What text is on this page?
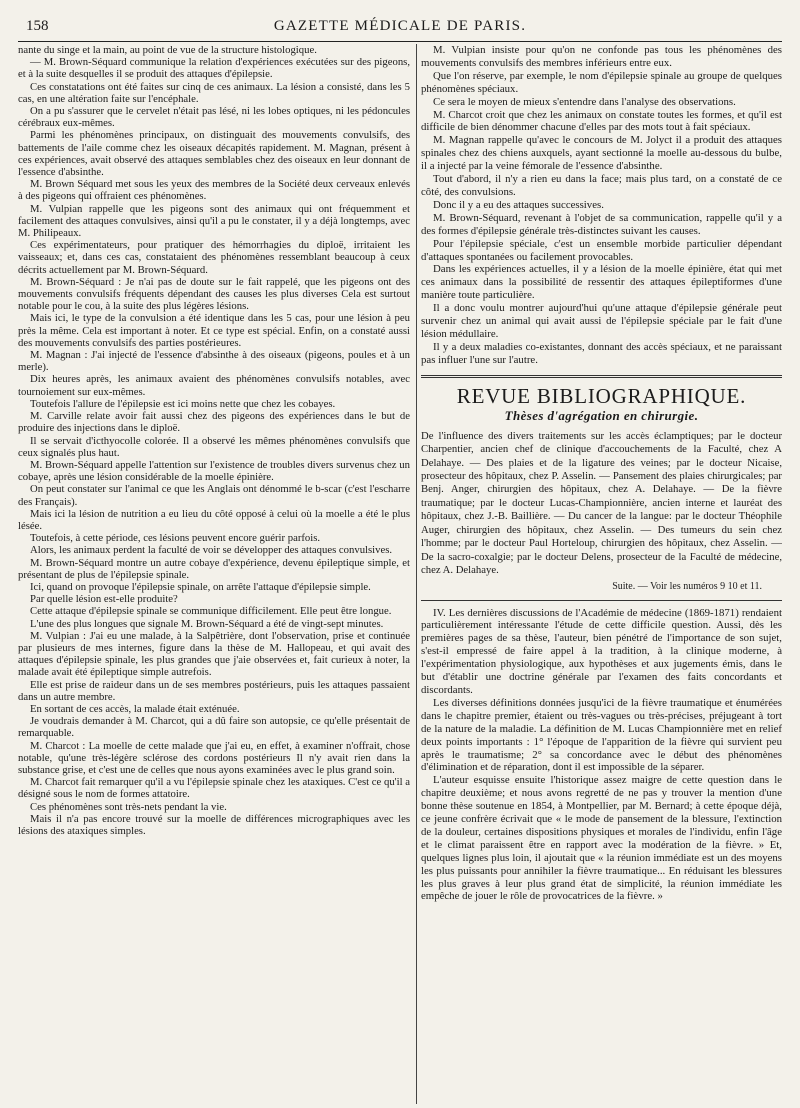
158	GAZETTE MÉDICALE DE PARIS.

nante du singe et la main, au point de vue de la structure histologique.

— M. Brown-Séquard communique la relation d'expériences exécutées sur des pigeons, et à la suite desquelles il se produit des attaques d'épilepsie.

Ces constatations ont été faites sur cinq de ces animaux. La lésion a consisté, dans les 5 cas, en une altération faite sur l'encéphale.

On a pu s'assurer que le cervelet n'était pas lésé, ni les lobes optiques, ni les pédoncules cérébraux eux-mêmes.

Parmi les phénomènes principaux, on distinguait des mouvements convulsifs, des battements de l'aile comme chez les oiseaux décapités rapidement. M. Magnan, présent à ces expériences, avait observé des attaques semblables chez des oiseaux en leur donnant de l'essence d'absinthe.

M. Brown Séquard met sous les yeux des membres de la Société deux cerveaux enlevés à des pigeons qui offraient ces phénomènes.

M. Vulpian rappelle que les pigeons sont des animaux qui ont fréquemment et facilement des attaques convulsives, ainsi qu'il a pu le constater, il y a déjà longtemps, avec M. Philipeaux.

Ces expérimentateurs, pour pratiquer des hémorrhagies du diploë, irritaient les vaisseaux; et, dans ces cas, constataient des phénomènes ressemblant beaucoup à ceux décrits actuellement par M. Brown-Séquard.

M. Brown-Séquard : Je n'ai pas de doute sur le fait rappelé, que les pigeons ont des mouvements convulsifs fréquents dépendant des causes les plus diverses Cela est surtout notable pour le cou, à la suite des plus légères lésions.

Mais ici, le type de la convulsion a été identique dans les 5 cas, pour une lésion à peu près la même. Cela est important à noter. Et ce type est spécial. Enfin, on a constaté aussi des mouvements convulsifs des parties postérieures.

M. Magnan : J'ai injecté de l'essence d'absinthe à des oiseaux (pigeons, poules et à un merle).

Dix heures après, les animaux avaient des phénomènes convulsifs notables, avec tournoiement sur eux-mêmes.

Toutefois l'allure de l'épilepsie est ici moins nette que chez les cobayes.

M. Carville relate avoir fait aussi chez des pigeons des expériences dans le but de produire des injections dans le diploë.

Il se servait d'icthyocolle colorée. Il a observé les mêmes phénomènes convulsifs que ceux signalés plus haut.

M. Brown-Séquard appelle l'attention sur l'existence de troubles divers survenus chez un cobaye, après une lésion considérable de la moelle épinière.

On peut constater sur l'animal ce que les Anglais ont dénommé le b-scar (c'est l'escharre des Français).

Mais ici la lésion de nutrition a eu lieu du côté opposé à celui où la moelle a été le plus lésée.

Toutefois, à cette période, ces lésions peuvent encore guérir parfois.

Alors, les animaux perdent la faculté de voir se développer des attaques convulsives.

M. Brown-Séquard montre un autre cobaye d'expérience, devenu épileptique simple, et présentant de plus de l'épilepsie spinale.

Ici, quand on provoque l'épilepsie spinale, on arrête l'attaque d'épilepsie simple.

Par quelle lésion est-elle produite?

Cette attaque d'épilepsie spinale se communique difficilement. Elle peut être longue.

L'une des plus longues que signale M. Brown-Séquard a été de vingt-sept minutes.

M. Vulpian : J'ai eu une malade, à la Salpêtrière, dont l'observation, prise et continuée par plusieurs de mes internes, figure dans la thèse de M. Hallopeau, et qui avait des attaques d'épilepsie spinale, les plus grandes que j'aie observées et, fait curieux à noter, la malade avait été épileptique simple autrefois.

Elle est prise de raideur dans un de ses membres postérieurs, puis les attaques passaient dans un autre membre.

En sortant de ces accès, la malade était exténuée.

Je voudrais demander à M. Charcot, qui a dû faire son autopsie, ce qu'elle présentait de remarquable.

M. Charcot : La moelle de cette malade que j'ai eu, en effet, à examiner n'offrait, chose notable, qu'une très-légère sclérose des cordons postérieurs Il n'y avait rien dans la substance grise, et c'est une de celles que nous ayons examinées avec le plus grand soin.

M. Charcot fait remarquer qu'il a vu l'épilepsie spinale chez les ataxiques. C'est ce qu'il a désigné sous le nom de formes attatoire.

Ces phénomènes sont très-nets pendant la vie.

Mais il n'a pas encore trouvé sur la moelle de différences micrographiques avec les lésions des ataxiques simples.

M. Vulpian insiste pour qu'on ne confonde pas tous les phénomènes des mouvements convulsifs des membres inférieurs entre eux.

Que l'on réserve, par exemple, le nom d'épilepsie spinale au groupe de quelques phénomènes spéciaux.

Ce sera le moyen de mieux s'entendre dans l'analyse des observations.

M. Charcot croit que chez les animaux on constate toutes les formes, et qu'il est difficile de bien dénommer chacune d'elles par des mots tout à fait spéciaux.

M. Magnan rappelle qu'avec le concours de M. Jolyct il a produit des attaques spinales chez des chiens auxquels, ayant sectionné la moelle au-dessous du bulbe, il a injecté par la veine fémorale de l'essence d'absinthe.

Tout d'abord, il n'y a rien eu dans la face; mais plus tard, on a constaté de ce côté, des convulsions.

Donc il y a eu des attaques successives.

M. Brown-Séquard, revenant à l'objet de sa communication, rappelle qu'il y a des formes d'épilepsie générale très-distinctes suivant les causes.

Pour l'épilepsie spéciale, c'est un ensemble morbide particulier dépendant d'attaques spontanées ou facilement provocables.

Dans les expériences actuelles, il y a lésion de la moelle épinière, état qui met ces animaux dans la possibilité de ressentir des attaques épileptiformes d'une manière toute particulière.

Il a donc voulu montrer aujourd'hui qu'une attaque d'épilepsie générale peut survenir chez un animal qui avait aussi de l'épilepsie spéciale par le fait d'une lésion médullaire.

Il y a deux maladies co-existantes, donnant des accès spéciaux, et ne paraissant pas influer l'une sur l'autre.

REVUE BIBLIOGRAPHIQUE.
Thèses d'agrégation en chirurgie.

De l'influence des divers traitements sur les accès éclamptiques; par le docteur Charpentier, ancien chef de clinique d'accouchements de la Faculté, chez A Delahaye. — Des plaies et de la ligature des veines; par le docteur Nicaise, prosecteur des hôpitaux, chez P. Asselin. — Pansement des plaies chirurgicales; par Benj. Anger, chirurgien des hôpitaux, chez A. Delahaye. — De la fièvre traumatique; par le docteur Lucas-Championnière, ancien interne et lauréat des hôpitaux, chez J.-B. Baillière. — Du cancer de la langue: par le docteur Théophile Auger, chirurgien des hôpitaux, chez Asselin. — Des tumeurs du sein chez l'homme; par le docteur Paul Horteloup, chirurgien des hôpitaux, chez Asselin. — De la sacro-coxalgie; par le docteur Delens, prosecteur de la Faculté de médecine, chez A. Delahaye.

Suite. — Voir les numéros 9 10 et 11.

IV. Les dernières discussions de l'Académie de médecine (1869-1871) rendaient particulièrement intéressante l'étude de cette difficile question. Aussi, dès les premières pages de sa thèse, l'auteur, bien pénétré de l'importance de son sujet, s'est-il empressé de faire appel à la tradition, à la clinique moderne, à l'expérimentation physiologique, aux hypothèses et aux jugements émis, dans le but d'établir une doctrine générale par l'examen des faits concordants et discordants.

Les diverses définitions données jusqu'ici de la fièvre traumatique et énumérées dans le chapitre premier, étaient ou très-vagues ou très-précises, préjugeant à tort de la nature de la maladie. La définition de M. Lucas Championnière met en relief deux points importants : 1° l'époque de l'apparition de la fièvre qui survient peu après le traumatisme; 2° sa concordance avec le début des phénomènes d'élimination et de réparation, dont il est impossible de la séparer.

L'auteur esquisse ensuite l'historique assez maigre de cette question dans le chapitre deuxième; et nous avons regretté de ne pas y trouver la mention d'une bonne thèse soutenue en 1854, à Montpellier, par M. Bernard; à cette époque déjà, ce jeune confrère écrivait que « le mode de pansement de la blessure, l'extinction de la douleur, certaines dispositions physiques et morales de l'individu, enfin l'âge et le climat paraissent être en rapport avec la modération de la fièvre. » Et, quelques lignes plus loin, il ajoutait que « la réunion immédiate est un des moyens les plus puissants pour annihiler la fièvre traumatique... En réduisant les blessures les plus graves à leur plus grand état de simplicité, la réunion immédiate les empêche de jouer le rôle de provocatrices de la fièvre. »
